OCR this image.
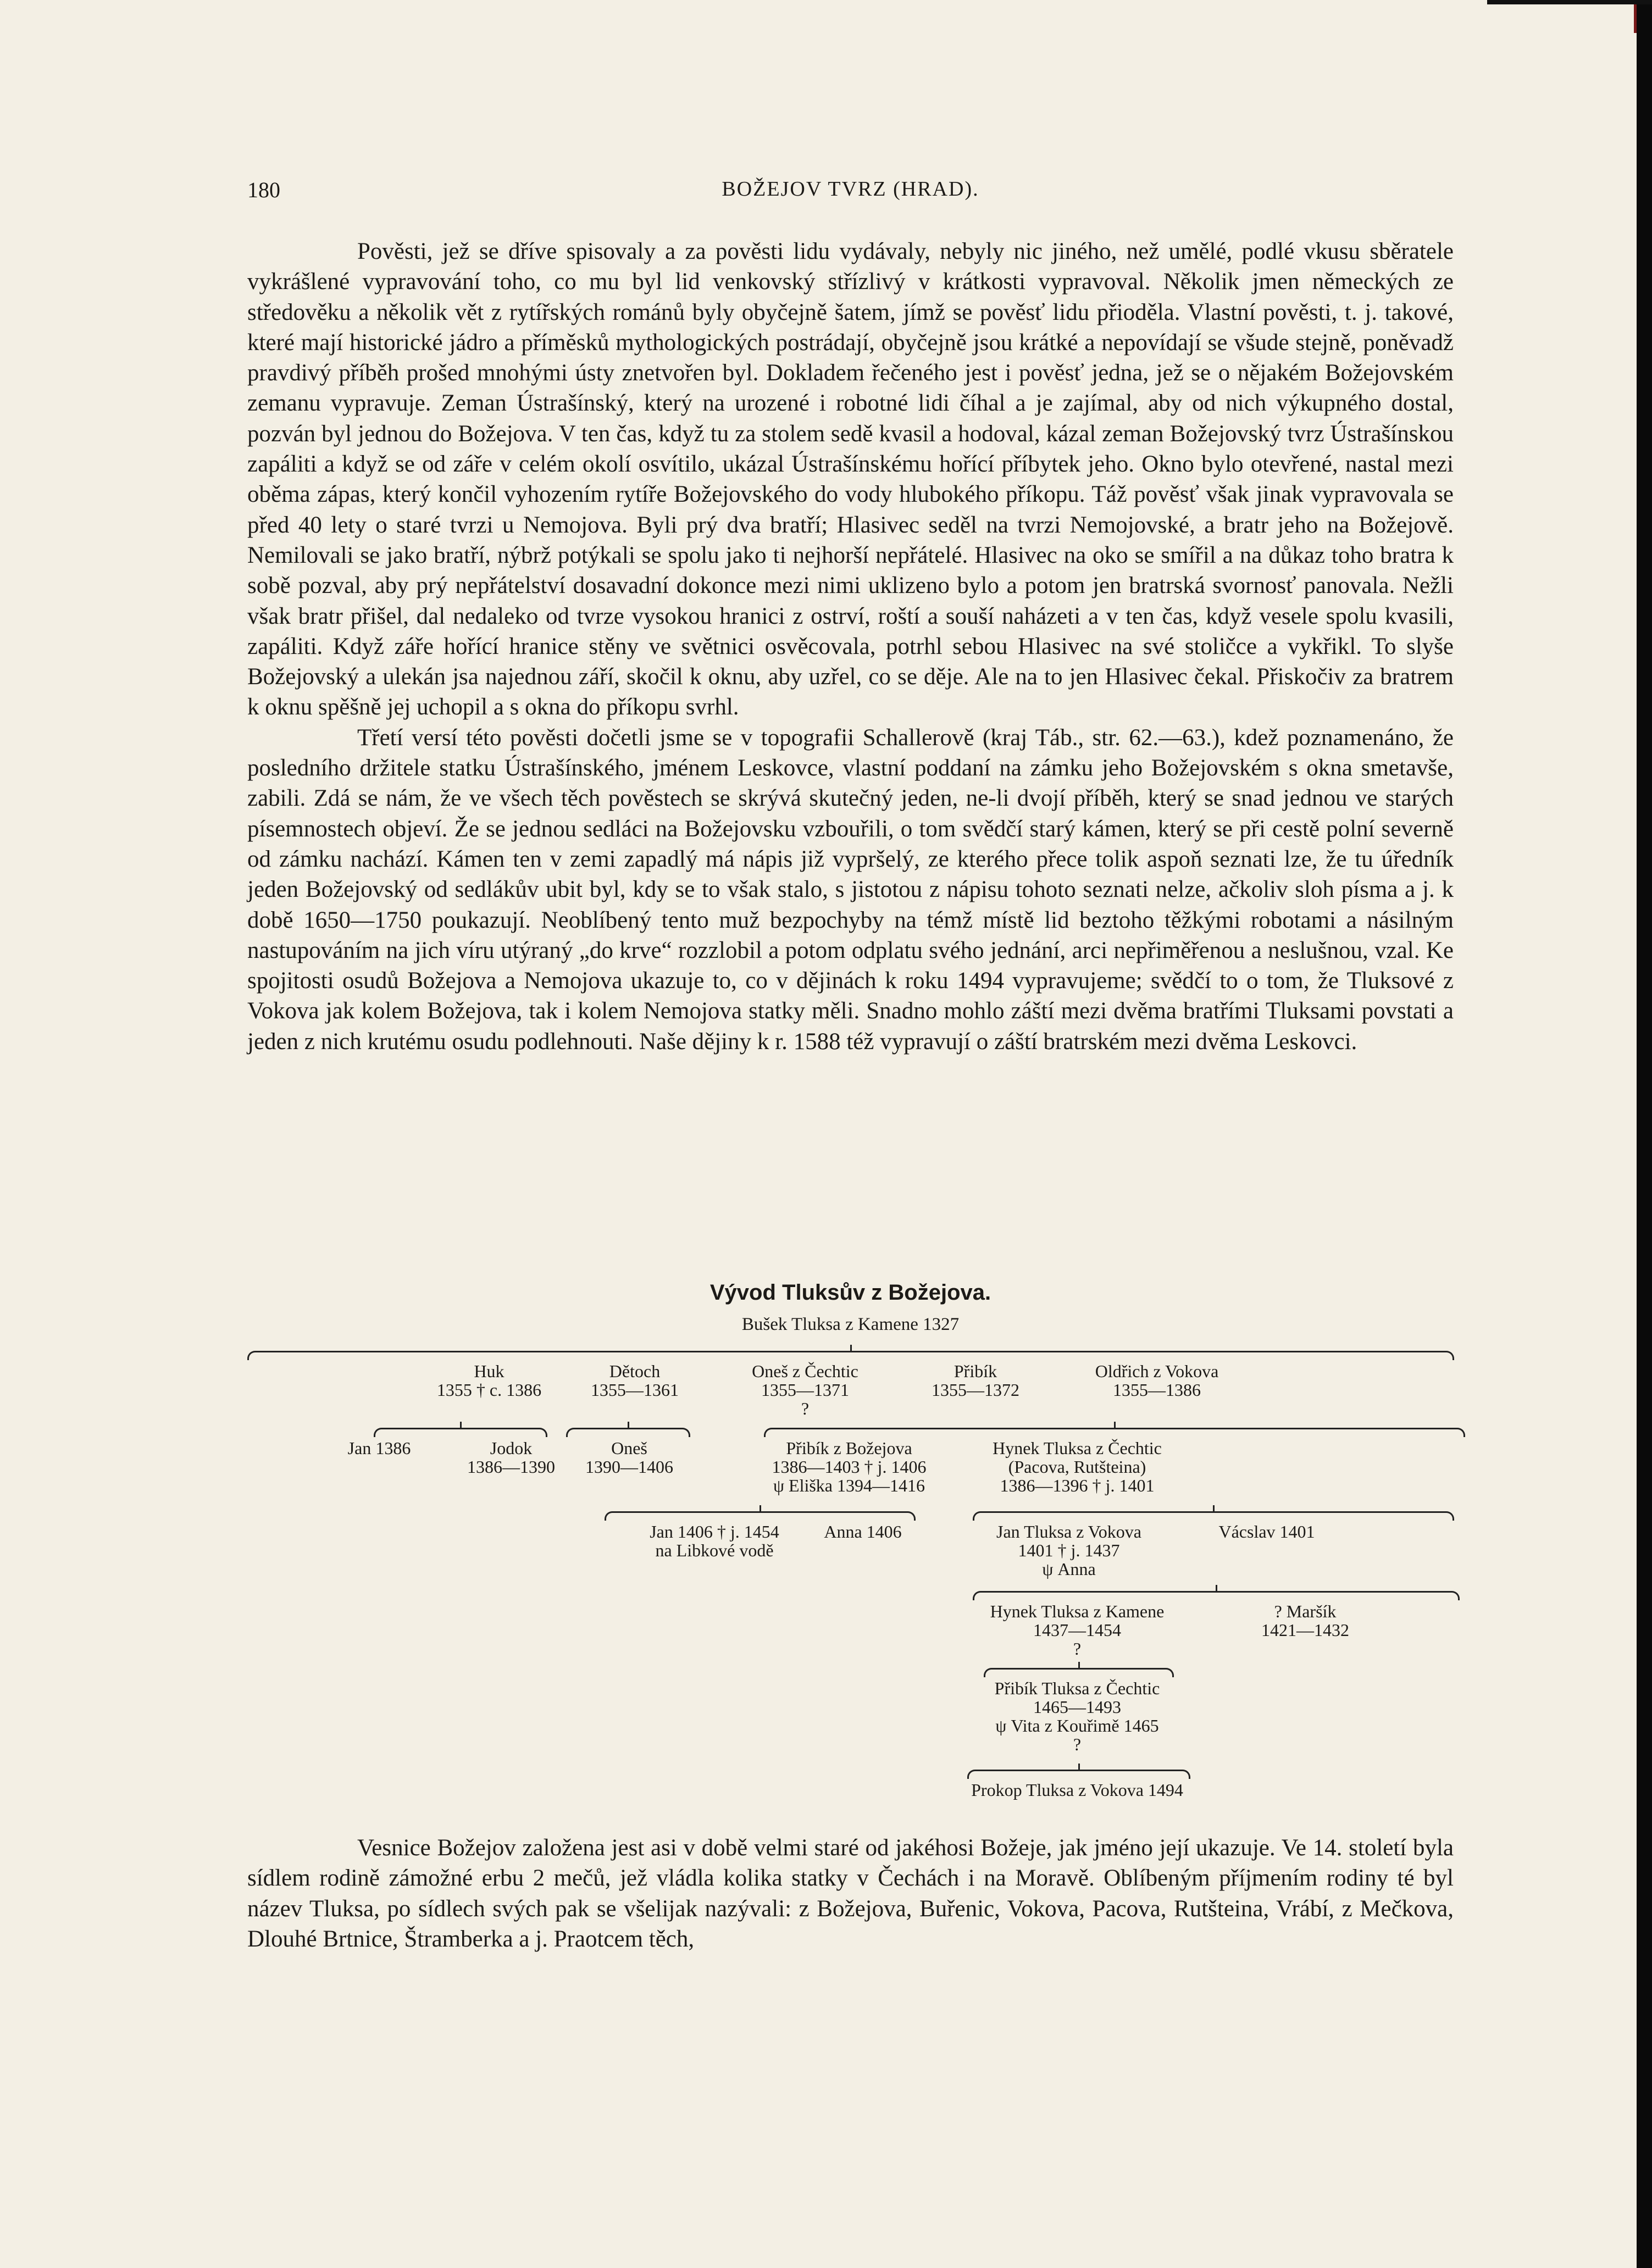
180	BOŽEJOV TVRZ (HRAD).

Pověsti, jež se dříve spisovaly a za pověsti lidu vydávaly, nebyly nic jiného, než umělé, podlé vkusu sběratele vykrášlené vypravování toho, co mu byl lid venkovský střízlivý v krátkosti vypravoval. Několik jmen německých ze středověku a několik vět z rytířských románů byly obyčejně šatem, jímž se pověsť lidu přioděla. Vlastní pověsti, t. j. takové, které mají historické jádro a příměsků mythologických postrádají, obyčejně jsou krátké a nepovídají se všude stejně, poněvadž pravdivý příběh prošed mnohými ústy znetvořen byl. Dokladem řečeného jest i pověsť jedna, jež se o nějakém Božejovském zemanu vypravuje. Zeman Ústrašínský, který na urozené i robotné lidi číhal a je zajímal, aby od nich výkupného dostal, pozván byl jednou do Božejova. V ten čas, když tu za stolem sedě kvasil a hodoval, kázal zeman Božejovský tvrz Ústrašínskou zapáliti a když se od záře v celém okolí osvítilo, ukázal Ústrašínskému hořící příbytek jeho. Okno bylo otevřené, nastal mezi oběma zápas, který končil vyhozením rytíře Božejovského do vody hlubokého příkopu. Táž pověsť však jinak vypravovala se před 40 lety o staré tvrzi u Nemojova. Byli prý dva bratří; Hlasivec seděl na tvrzi Nemojovské, a bratr jeho na Božejově. Nemilovali se jako bratří, nýbrž potýkali se spolu jako ti nejhorší nepřátelé. Hlasivec na oko se smířil a na důkaz toho bratra k sobě pozval, aby prý nepřátelství dosavadní dokonce mezi nimi uklizeno bylo a potom jen bratrská svornosť panovala. Nežli však bratr přišel, dal nedaleko od tvrze vysokou hranici z ostrví, roští a souší naházeti a v ten čas, když vesele spolu kvasili, zapáliti. Když záře hořící hranice stěny ve světnici osvěcovala, potrhl sebou Hlasivec na své stoličce a vykřikl. To slyše Božejovský a ulekán jsa najednou září, skočil k oknu, aby uzřel, co se děje. Ale na to jen Hlasivec čekal. Přiskočiv za bratrem k oknu spěšně jej uchopil a s okna do příkopu svrhl.

Třetí versí této pověsti dočetli jsme se v topografii Schallerově (kraj Táb., str. 62.—63.), kdež poznamenáno, že posledního držitele statku Ústrašínského, jménem Leskovce, vlastní poddaní na zámku jeho Božejovském s okna smetavše, zabili. Zdá se nám, že ve všech těch pověstech se skrývá skutečný jeden, ne-li dvojí příběh, který se snad jednou ve starých písemnostech objeví. Že se jednou sedláci na Božejovsku vzbouřili, o tom svědčí starý kámen, který se při cestě polní severně od zámku nachází. Kámen ten v zemi zapadlý má nápis již vypršelý, ze kterého přece tolik aspoň seznati lze, že tu úředník jeden Božejovský od sedlákův ubit byl, kdy se to však stalo, s jistotou z nápisu tohoto seznati nelze, ačkoliv sloh písma a j. k době 1650—1750 poukazují. Neoblíbený tento muž bezpochyby na témž místě lid beztoho těžkými robotami a násilným nastupováním na jich víru utýraný „do krve“ rozzlobil a potom odplatu svého jednání, arci nepřiměřenou a neslušnou, vzal. Ke spojitosti osudů Božejova a Nemojova ukazuje to, co v dějinách k roku 1494 vypravujeme; svědčí to o tom, že Tluksové z Vokova jak kolem Božejova, tak i kolem Nemojova statky měli. Snadno mohlo záští mezi dvěma bratřími Tluksami povstati a jeden z nich krutému osudu podlehnouti. Naše dějiny k r. 1588 též vypravují o záští bratrském mezi dvěma Leskovci.

Vývod Tluksův z Božejova.
Bušek Tluksa z Kamene 1327
Huk
1355 † c. 1386
Dětoch
1355—1361
Oneš z Čechtic
1355—1371
?
Přibík
1355—1372
Oldřich z Vokova
1355—1386
Jan 1386	Jodok
1386—1390
Oneš
1390—1406
Přibík z Božejova
1386—1403 † j. 1406
ψ Eliška 1394—1416
Hynek Tluksa z Čechtic
(Pacova, Rutšteina)
1386—1396 † j. 1401
Jan 1406 † j. 1454
na Libkové vodě
Anna 1406	Jan Tluksa z Vokova
1401 † j. 1437
ψ Anna
Vácslav 1401
Hynek Tluksa z Kamene
1437—1454
?
? Maršík
1421—1432
Přibík Tluksa z Čechtic
1465—1493
ψ Vita z Kouřimě 1465
?
Prokop Tluksa z Vokova 1494

Vesnice Božejov založena jest asi v době velmi staré od jakéhosi Božeje, jak jméno její ukazuje. Ve 14. století byla sídlem rodině zámožné erbu 2 mečů, jež vládla kolika statky v Čechách i na Moravě. Oblíbeným příjmením rodiny té byl název Tluksa, po sídlech svých pak se všelijak nazývali: z Božejova, Buřenic, Vokova, Pacova, Rutšteina, Vrábí, z Mečkova, Dlouhé Brtnice, Štramberka a j. Praotcem těch,
